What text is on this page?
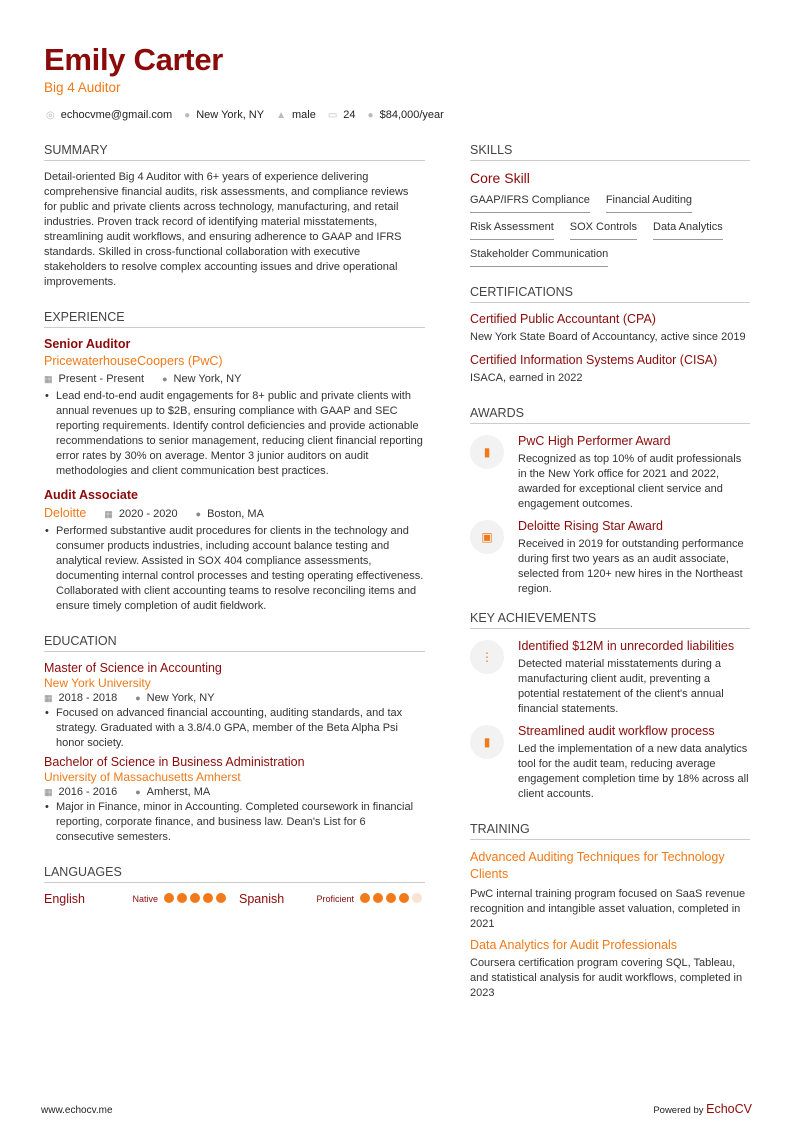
Emily Carter
Big 4 Auditor
◎ echocvme@gmail.com ● New York, NY ▲ male ▭ 24 ● $84,000/year
SUMMARY
Detail-oriented Big 4 Auditor with 6+ years of experience delivering comprehensive financial audits, risk assessments, and compliance reviews for public and private clients across technology, manufacturing, and retail industries. Proven track record of identifying material misstatements, streamlining audit workflows, and ensuring adherence to GAAP and IFRS standards. Skilled in cross-functional collaboration with executive stakeholders to resolve complex accounting issues and drive operational improvements.
EXPERIENCE
Senior Auditor
PricewaterhouseCoopers (PwC)
▦ Present - Present ● New York, NY
• Lead end-to-end audit engagements for 8+ public and private clients with annual revenues up to $2B, ensuring compliance with GAAP and SEC reporting requirements. Identify control deficiencies and provide actionable recommendations to senior management, reducing client financial reporting error rates by 30% on average. Mentor 3 junior auditors on audit methodologies and client communication best practices.
Audit Associate
Deloitte ▦ 2020 - 2020 ● Boston, MA
• Performed substantive audit procedures for clients in the technology and consumer products industries, including account balance testing and analytical review. Assisted in SOX 404 compliance assessments, documenting internal control processes and testing operating effectiveness. Collaborated with client accounting teams to resolve reconciling items and ensure timely completion of audit fieldwork.
EDUCATION
Master of Science in Accounting
New York University
▦ 2018 - 2018 ● New York, NY
• Focused on advanced financial accounting, auditing standards, and tax strategy. Graduated with a 3.8/4.0 GPA, member of the Beta Alpha Psi honor society.
Bachelor of Science in Business Administration
University of Massachusetts Amherst
▦ 2016 - 2016 ● Amherst, MA
• Major in Finance, minor in Accounting. Completed coursework in financial reporting, corporate finance, and business law. Dean's List for 6 consecutive semesters.
LANGUAGES
English	Native	Spanish	Proficient
SKILLS
Core Skill
GAAP/IFRS Compliance Financial Auditing
Risk Assessment SOX Controls Data Analytics
Stakeholder Communication
CERTIFICATIONS
Certified Public Accountant (CPA)
New York State Board of Accountancy, active since 2019
Certified Information Systems Auditor (CISA)
ISACA, earned in 2022
AWARDS
▮
PwC High Performer Award
Recognized as top 10% of audit professionals in the New York office for 2021 and 2022, awarded for exceptional client service and engagement outcomes.
▣
Deloitte Rising Star Award
Received in 2019 for outstanding performance during first two years as an audit associate, selected from 120+ new hires in the Northeast region.
KEY ACHIEVEMENTS
⋮
Identified $12M in unrecorded liabilities
Detected material misstatements during a manufacturing client audit, preventing a potential restatement of the client's annual financial statements.
▮
Streamlined audit workflow process
Led the implementation of a new data analytics tool for the audit team, reducing average engagement completion time by 18% across all client accounts.
TRAINING
Advanced Auditing Techniques for Technology Clients
PwC internal training program focused on SaaS revenue recognition and intangible asset valuation, completed in 2021
Data Analytics for Audit Professionals
Coursera certification program covering SQL, Tableau, and statistical analysis for audit workflows, completed in 2023
www.echocv.me	Powered by EchoCV
